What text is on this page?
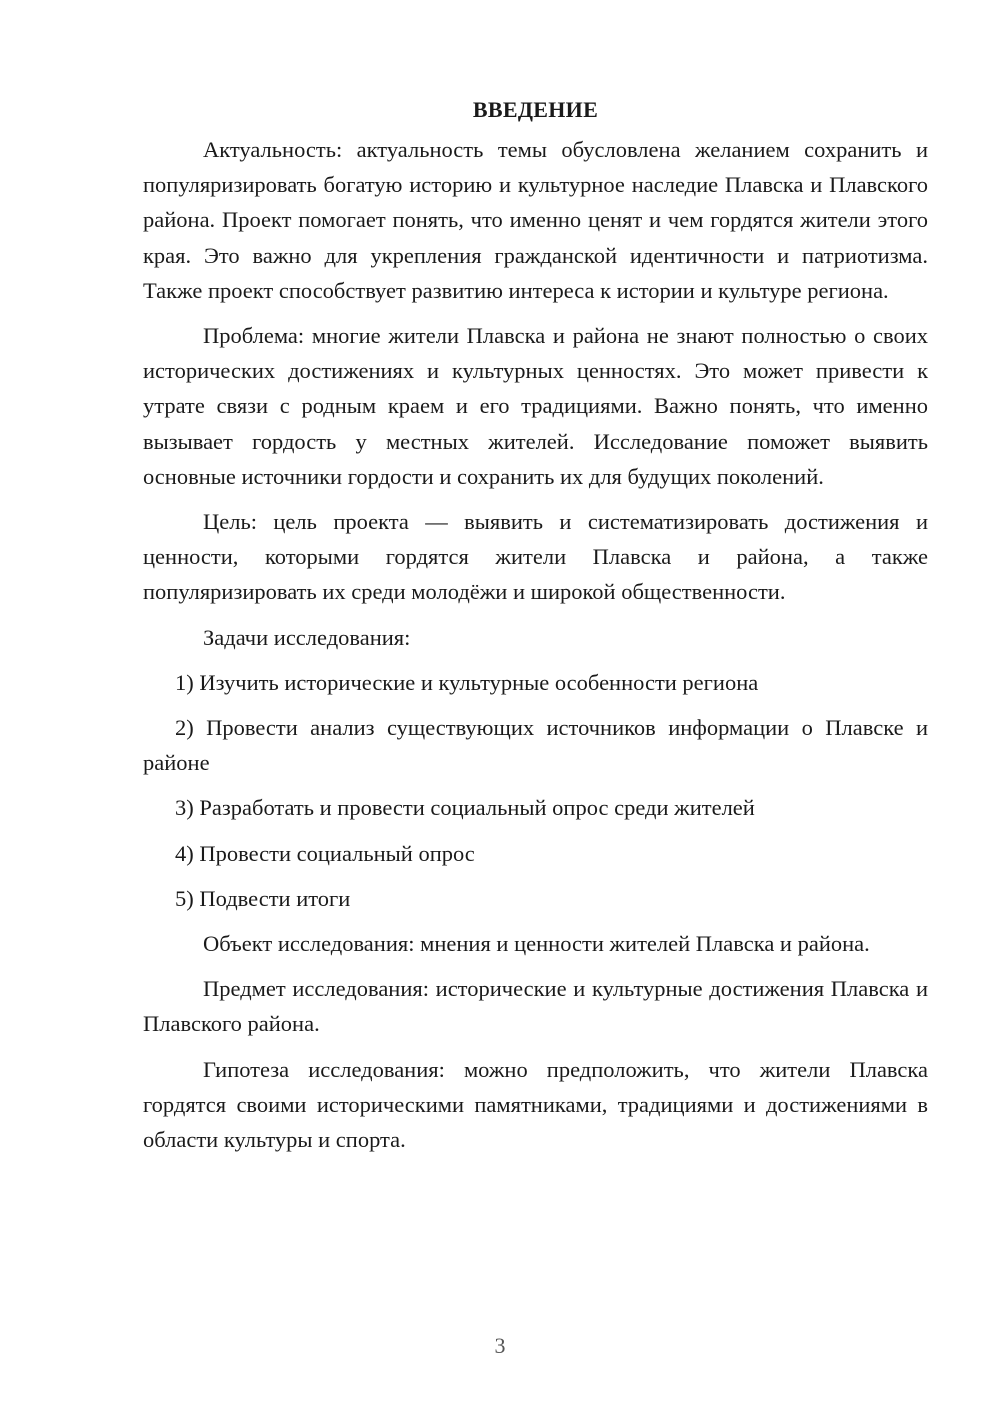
ВВЕДЕНИЕ

Актуальность: актуальность темы обусловлена желанием сохранить и популяризировать богатую историю и культурное наследие Плавска и Плавского района. Проект помогает понять, что именно ценят и чем гордятся жители этого края. Это важно для укрепления гражданской идентичности и патриотизма. Также проект способствует развитию интереса к истории и культуре региона.

Проблема: многие жители Плавска и района не знают полностью о своих исторических достижениях и культурных ценностях. Это может привести к утрате связи с родным краем и его традициями. Важно понять, что именно вызывает гордость у местных жителей. Исследование поможет выявить основные источники гордости и сохранить их для будущих поколений.

Цель: цель проекта — выявить и систематизировать достижения и ценности, которыми гордятся жители Плавска и района, а также популяризировать их среди молодёжи и широкой общественности.

Задачи исследования:

1) Изучить исторические и культурные особенности региона

2) Провести анализ существующих источников информации о Плавске и районе

3) Разработать и провести социальный опрос среди жителей

4) Провести социальный опрос

5) Подвести итоги

Объект исследования: мнения и ценности жителей Плавска и района.

Предмет исследования: исторические и культурные достижения Плавска и Плавского района.

Гипотеза исследования: можно предположить, что жители Плавска гордятся своими историческими памятниками, традициями и достижениями в области культуры и спорта.

3
